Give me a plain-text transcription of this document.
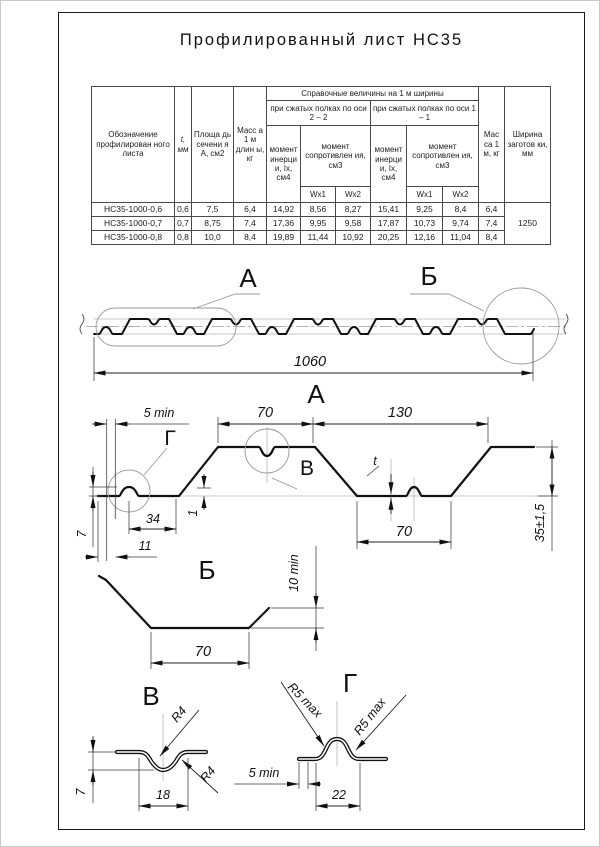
Профилированный лист НС35
Обозначение профилирован ного листа	t, мм	Площа дь сечени я А, см2	Масс а 1 м длин ы, кг	Справочные величины на 1 м ширины						Мас са 1 м, кг	Ширина заготов ки, мм
				при сжатых полках по оси 2 – 2			при сжатых полках по оси 1 – 1				
				момент инерци и, Ix, см4	момент сопротивлен ия, см3		момент инерци и, Ix, см4	момент сопротивлен ия, см3			
					Wx1	Wx2		Wx1	Wx2		
НС35-1000-0,6	0,6	7,5	6,4	14,92	8,56	8,27	15,41	9,25	8,4	6,4	1250
НС35-1000-0,7	0,7	8,75	7,4	17,36	9,95	9,58	17,87	10,73	9,74	7,4	
НС35-1000-0,8	0,8	10,0	8,4	19,89	11,44	10,92	20,25	12,16	11,04	8,4	
А	Б
1060
А
Г
В
5 min	70	130
7
34 1
11
t
70	35±1,5
Б	10 min
70
В
R4
R4
18
7
Г
R5 max R5 max
5 min
22
